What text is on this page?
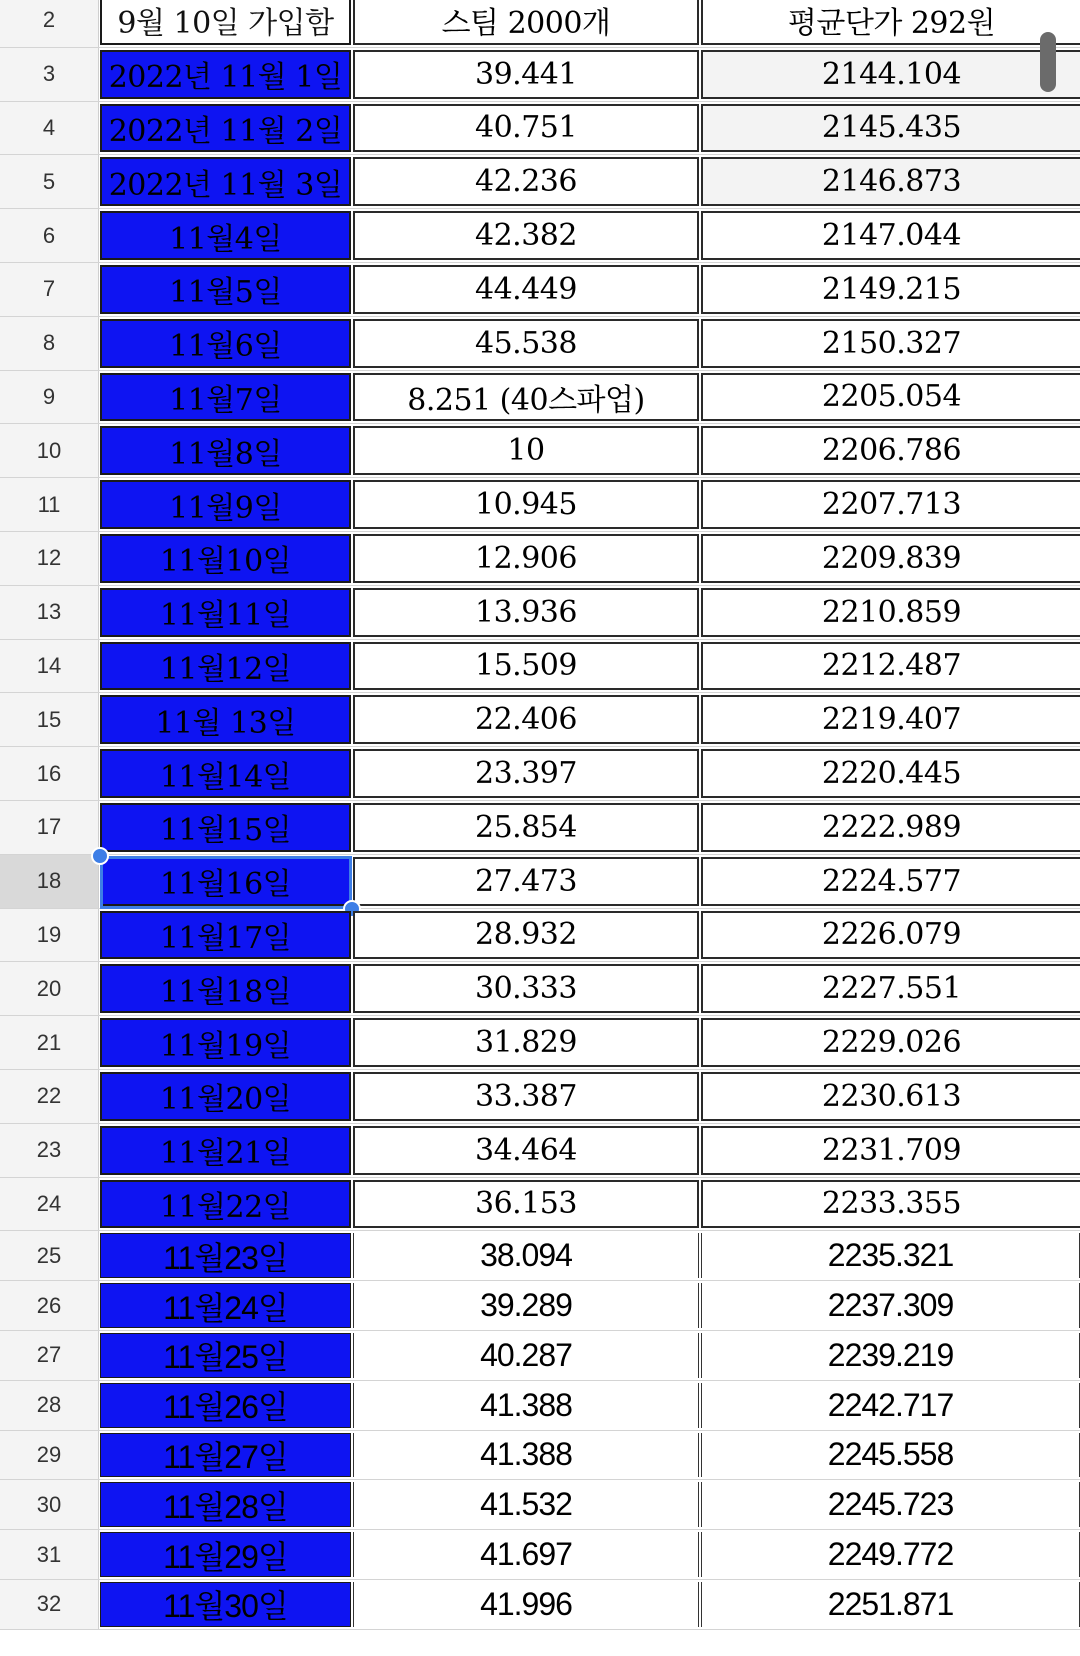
2	9월 10일 가입함	스팀 2000개	평균단가 292원
3	2022년 11월 1일	39.441	2144.104
4	2022년 11월 2일	40.751	2145.435
5	2022년 11월 3일	42.236	2146.873
6	11월4일	42.382	2147.044
7	11월5일	44.449	2149.215
8	11월6일	45.538	2150.327
9	11월7일	8.251 (40스파업)	2205.054
10	11월8일	10	2206.786
11	11월9일	10.945	2207.713
12	11월10일	12.906	2209.839
13	11월11일	13.936	2210.859
14	11월12일	15.509	2212.487
15	11월 13일	22.406	2219.407
16	11월14일	23.397	2220.445
17	11월15일	25.854	2222.989
18	11월16일	27.473	2224.577
19	11월17일	28.932	2226.079
20	11월18일	30.333	2227.551
21	11월19일	31.829	2229.026
22	11월20일	33.387	2230.613
23	11월21일	34.464	2231.709
24	11월22일	36.153	2233.355
25	11월23일	38.094	2235.321
26	11월24일	39.289	2237.309
27	11월25일	40.287	2239.219
28	11월26일	41.388	2242.717
29	11월27일	41.388	2245.558
30	11월28일	41.532	2245.723
31	11월29일	41.697	2249.772
32	11월30일	41.996	2251.871
